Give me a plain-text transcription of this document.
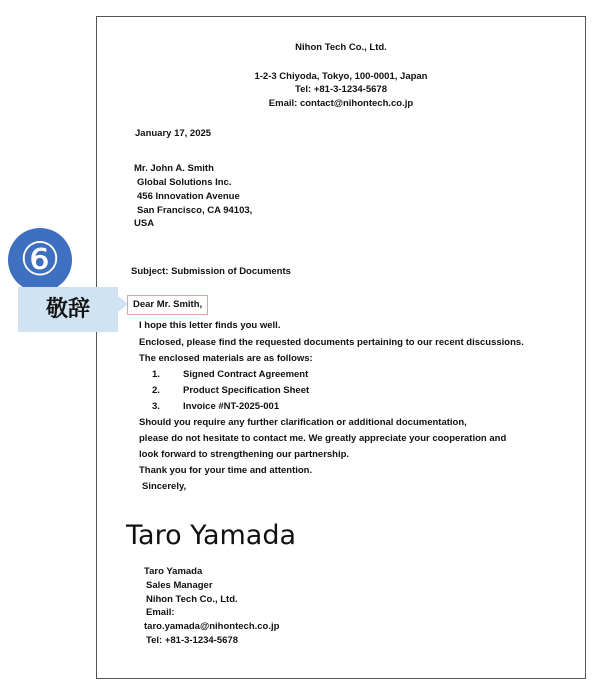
Nihon Tech Co., Ltd.
1-2-3 Chiyoda, Tokyo, 100-0001, Japan
Tel: +81-3-1234-5678
Email: contact@nihontech.co.jp
January 17, 2025
Mr. John A. Smith
Global Solutions Inc.
456 Innovation Avenue
San Francisco, CA 94103,
USA
⑥
敬辞
Subject: Submission of Documents
Dear Mr. Smith,
I hope this letter finds you well.
Enclosed, please find the requested documents pertaining to our recent discussions.
The enclosed materials are as follows:
1. Signed Contract Agreement
2. Product Specification Sheet
3. Invoice #NT-2025-001
Should you require any further clarification or additional documentation,
please do not hesitate to contact me. We greatly appreciate your cooperation and
look forward to strengthening our partnership.
Thank you for your time and attention.
Sincerely,
Taro Yamada
Taro Yamada
Sales Manager
Nihon Tech Co., Ltd.
Email:
taro.yamada@nihontech.co.jp
Tel: +81-3-1234-5678
